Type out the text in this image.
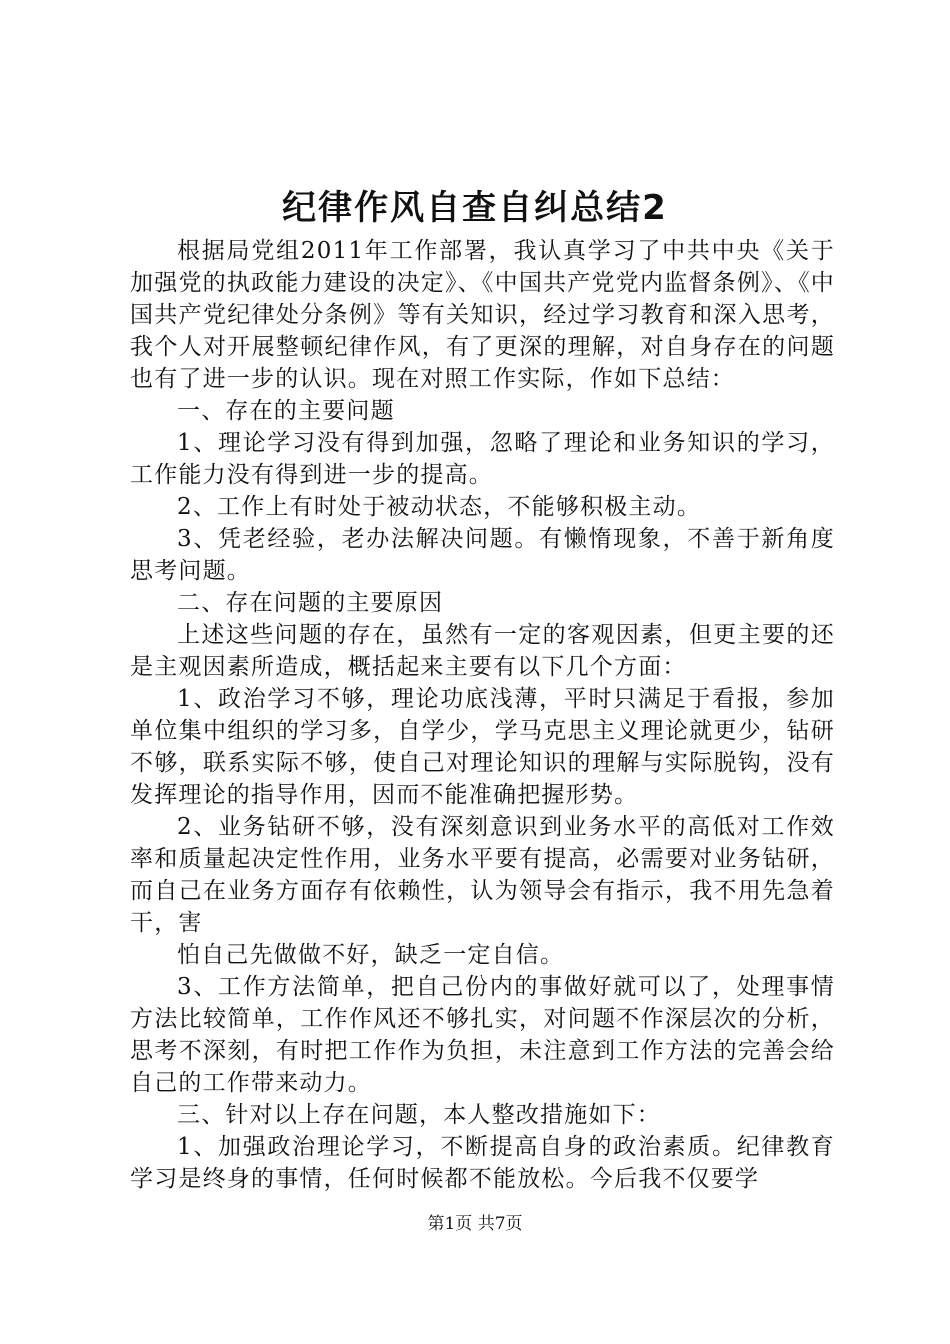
纪律作风自查自纠总结2

根据局党组2011年工作部署，我认真学习了中共中央《关于加强党的执政能力建设的决定》、《中国共产党党内监督条例》、《中国共产党纪律处分条例》等有关知识，经过学习教育和深入思考，我个人对开展整顿纪律作风，有了更深的理解，对自身存在的问题也有了进一步的认识。现在对照工作实际，作如下总结：

一、存在的主要问题

1、理论学习没有得到加强，忽略了理论和业务知识的学习，工作能力没有得到进一步的提高。

2、工作上有时处于被动状态，不能够积极主动。

3、凭老经验，老办法解决问题。有懒惰现象，不善于新角度思考问题。

二、存在问题的主要原因

上述这些问题的存在，虽然有一定的客观因素，但更主要的还是主观因素所造成，概括起来主要有以下几个方面：

1、政治学习不够，理论功底浅薄，平时只满足于看报，参加单位集中组织的学习多，自学少，学马克思主义理论就更少，钻研不够，联系实际不够，使自己对理论知识的理解与实际脱钩，没有发挥理论的指导作用，因而不能准确把握形势。

2、业务钻研不够，没有深刻意识到业务水平的高低对工作效率和质量起决定性作用，业务水平要有提高，必需要对业务钻研，而自己在业务方面存有依赖性，认为领导会有指示，我不用先急着干，害

怕自己先做做不好，缺乏一定自信。

3、工作方法简单，把自己份内的事做好就可以了，处理事情方法比较简单，工作作风还不够扎实，对问题不作深层次的分析，思考不深刻，有时把工作作为负担，未注意到工作方法的完善会给自己的工作带来动力。

三、针对以上存在问题，本人整改措施如下：

1、加强政治理论学习，不断提高自身的政治素质。纪律教育学习是终身的事情，任何时候都不能放松。今后我不仅要学

第1页 共7页
